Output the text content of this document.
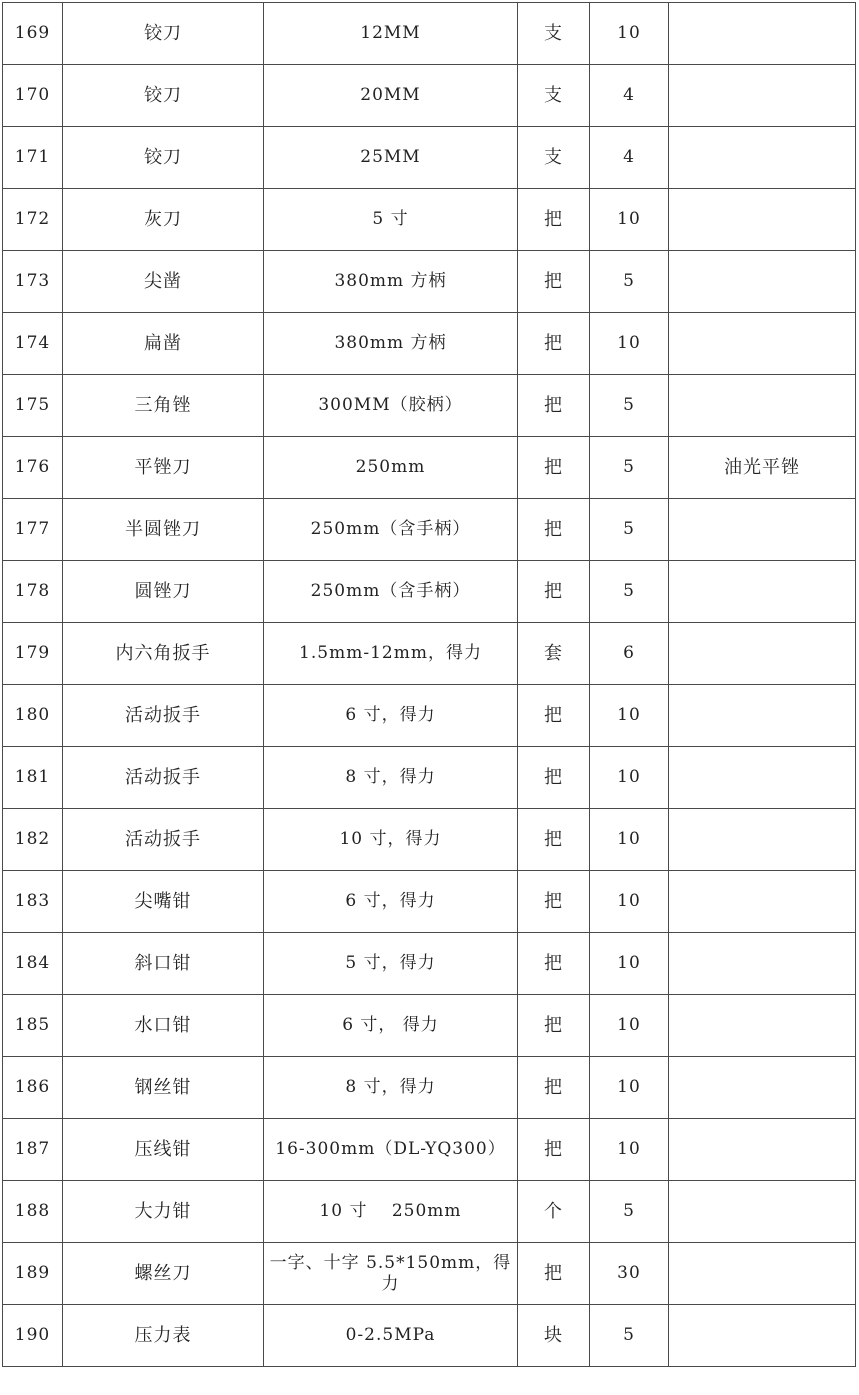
169	铰刀	12MM	支	10	
170	铰刀	20MM	支	4	
171	铰刀	25MM	支	4	
172	灰刀	5 寸	把	10	
173	尖凿	380mm 方柄	把	5	
174	扁凿	380mm 方柄	把	10	
175	三角锉	300MM（胶柄）	把	5	
176	平锉刀	250mm	把	5	油光平锉
177	半圆锉刀	250mm（含手柄）	把	5	
178	圆锉刀	250mm（含手柄）	把	5	
179	内六角扳手	1.5mm-12mm，得力	套	6	
180	活动扳手	6 寸，得力	把	10	
181	活动扳手	8 寸，得力	把	10	
182	活动扳手	10 寸，得力	把	10	
183	尖嘴钳	6 寸，得力	把	10	
184	斜口钳	5 寸，得力	把	10	
185	水口钳	6 寸， 得力	把	10	
186	钢丝钳	8 寸，得力	把	10	
187	压线钳	16-300mm（DL-YQ300）	把	10	
188	大力钳	10 寸　 250mm	个	5	
189	螺丝刀	一字、十字 5.5*150mm，得力	把	30	
190	压力表	0-2.5MPa	块	5	
